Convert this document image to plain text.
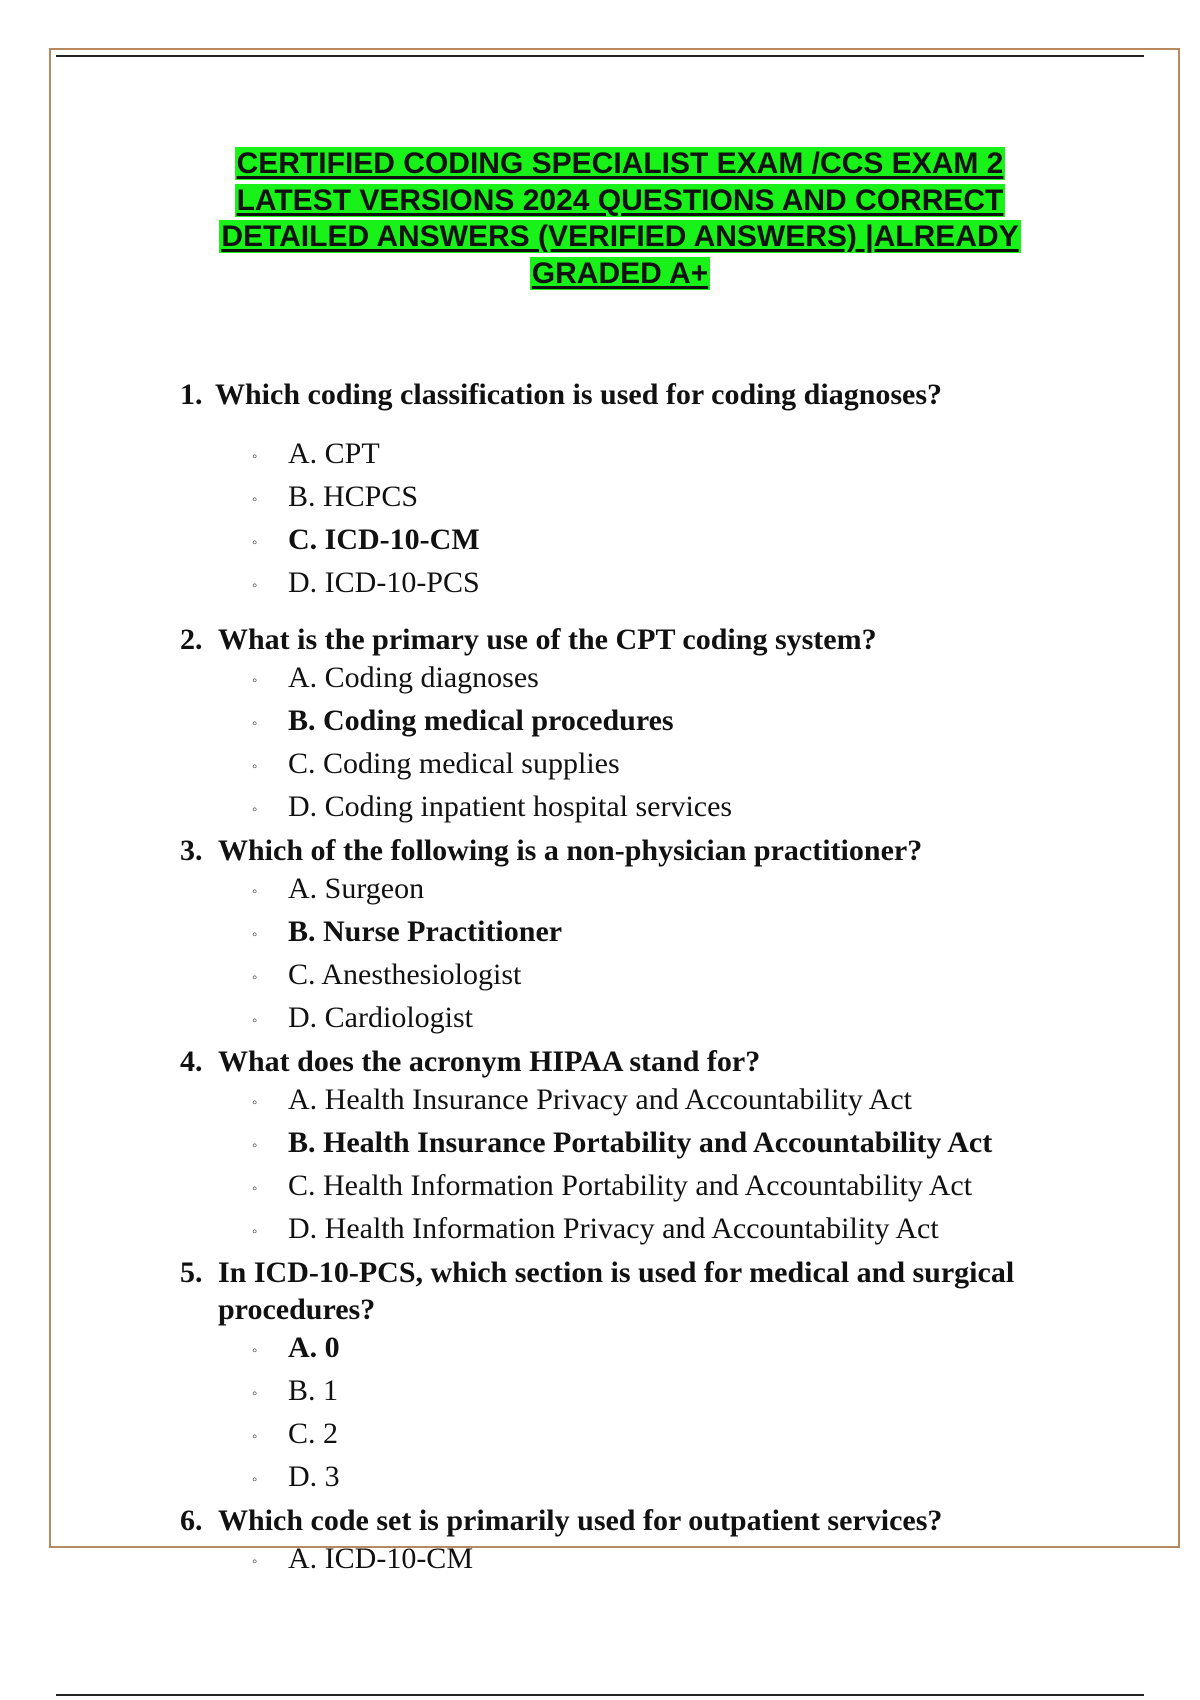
CERTIFIED CODING SPECIALIST EXAM /CCS EXAM 2
LATEST VERSIONS 2024 QUESTIONS AND CORRECT
DETAILED ANSWERS (VERIFIED ANSWERS) |ALREADY
GRADED A+
1. Which coding classification is used for coding diagnoses?
◦	A. CPT
◦	B. HCPCS
◦	C. ICD-10-CM
◦	D. ICD-10-PCS
2. What is the primary use of the CPT coding system?
◦	A. Coding diagnoses
◦	B. Coding medical procedures
◦	C. Coding medical supplies
◦	D. Coding inpatient hospital services
3. Which of the following is a non-physician practitioner?
◦	A. Surgeon
◦	B. Nurse Practitioner
◦	C. Anesthesiologist
◦	D. Cardiologist
4. What does the acronym HIPAA stand for?
◦	A. Health Insurance Privacy and Accountability Act
◦	B. Health Insurance Portability and Accountability Act
◦	C. Health Information Portability and Accountability Act
◦	D. Health Information Privacy and Accountability Act
5. In ICD-10-PCS, which section is used for medical and surgical procedures?
◦	A. 0
◦	B. 1
◦	C. 2
◦	D. 3
6. Which code set is primarily used for outpatient services?
◦	A. ICD-10-CM
